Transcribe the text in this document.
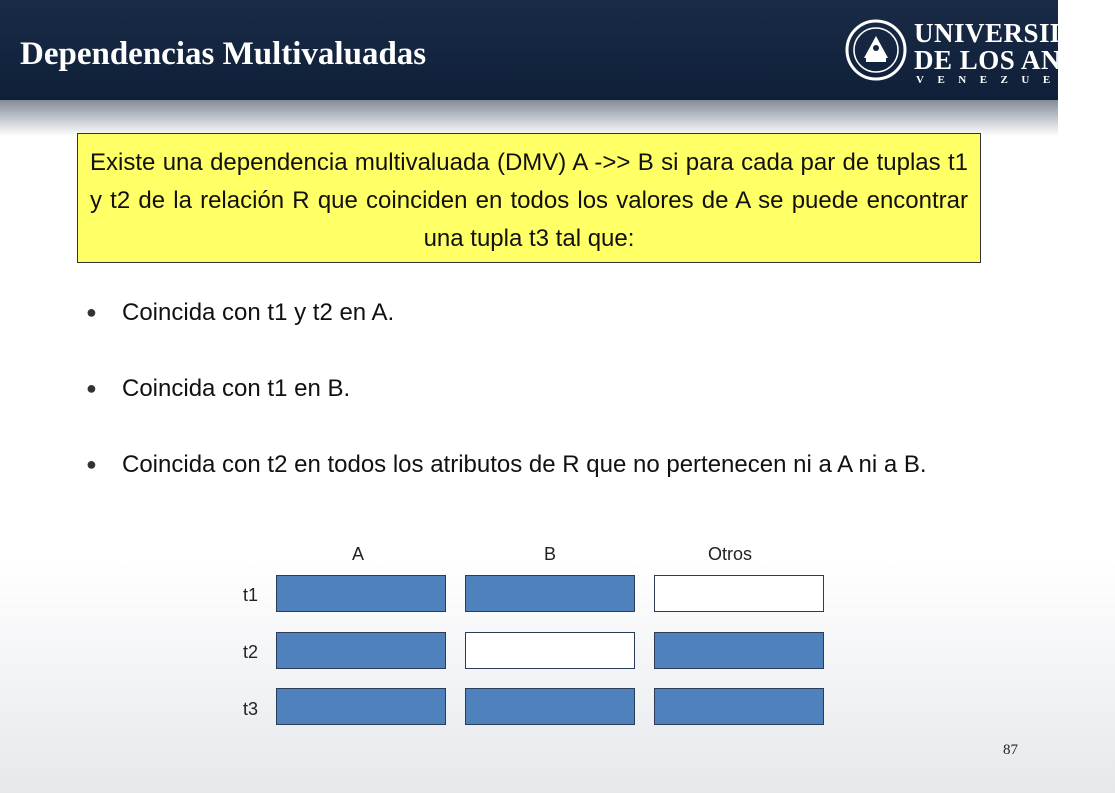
Dependencias Multivaluadas
UNIVERSIDAD
DE LOS ANDES
VENEZUELA

Existe una dependencia multivaluada (DMV) A ->> B si para cada par de tuplas t1 y t2 de la relación R que coinciden en todos los valores de A se puede encontrar una tupla t3 tal que:

● Coincida con t1 y t2 en A.
● Coincida con t1 en B.
● Coincida con t2 en todos los atributos de R que no pertenecen ni a A ni a B.
A	B	Otros
t1
t2
t3
87
